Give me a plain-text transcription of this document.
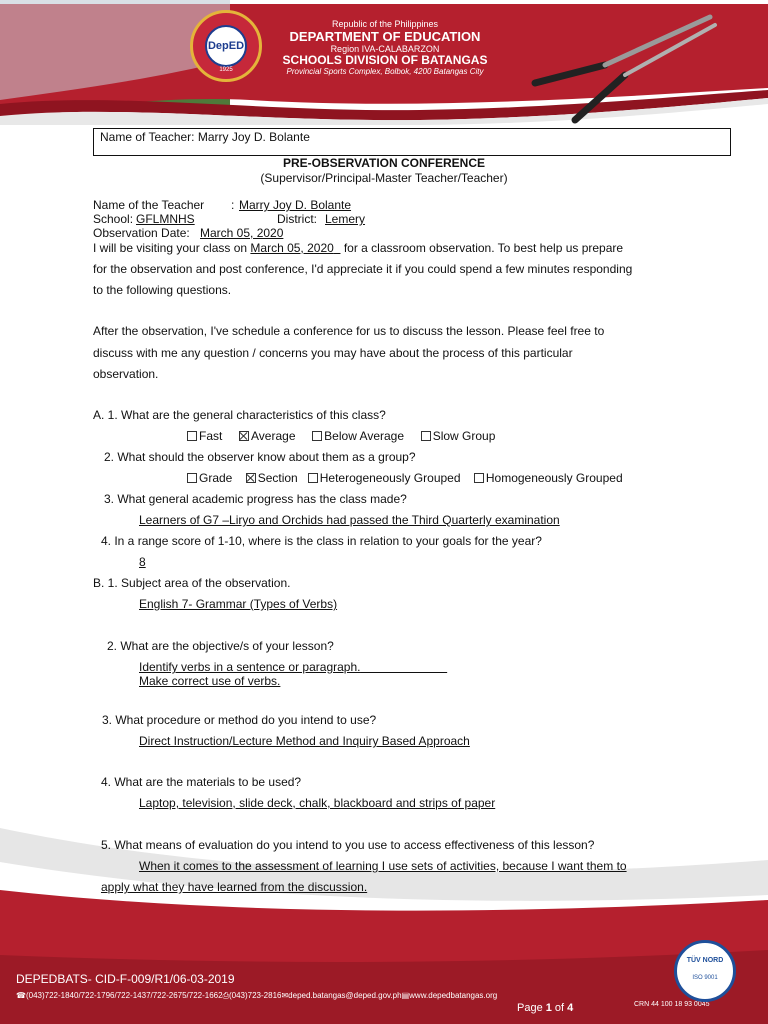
DepED
1925
Republic of the Philippines
DEPARTMENT OF EDUCATION
Region IVA-CALABARZON
SCHOOLS DIVISION OF BATANGAS
Provincial Sports Complex, Bolbok, 4200 Batangas City
Name of Teacher: Marry Joy D. Bolante
PRE-OBSERVATION CONFERENCE
(Supervisor/Principal-Master Teacher/Teacher)
Name of the Teacher : Marry Joy D. Bolante
School: GFLMNHS	District: Lemery
Observation Date: March 05, 2020
I will be visiting your class on March 05, 2020 for a classroom observation. To best help us prepare
for the observation and post conference, I'd appreciate it if you could spend a few minutes responding
to the following questions.
After the observation, I've schedule a conference for us to discuss the lesson. Please feel free to
discuss with me any question / concerns you may have about the process of this particular
observation.
A. 1. What are the general characteristics of this class?
Fast Average Below Average Slow Group
2. What should the observer know about them as a group?
Grade Section Heterogeneously Grouped Homogeneously Grouped
3. What general academic progress has the class made?
Learners of G7 –Liryo and Orchids had passed the Third Quarterly examination
4. In a range score of 1-10, where is the class in relation to your goals for the year?
8
B. 1. Subject area of the observation.
English 7- Grammar (Types of Verbs)
2. What are the objective/s of your lesson?
Identify verbs in a sentence or paragraph.
Make correct use of verbs.
3. What procedure or method do you intend to use?
Direct Instruction/Lecture Method and Inquiry Based Approach
4. What are the materials to be used?
Laptop, television, slide deck, chalk, blackboard and strips of paper
5. What means of evaluation do you intend to you use to access effectiveness of this lesson?
When it comes to the assessment of learning I use sets of activities, because I want them to
apply what they have learned from the discussion.
DEPEDBATS- CID-F-009/R1/06-03-2019
☎(043)722-1840/722-1796/722-1437/722-2675/722-1662⎙(043)723-2816✉deped.batangas@deped.gov.ph▤www.depedbatangas.org
Page 1 of 4	CRN 44 100 18 93 0045
TÜV NORD
ISO 9001
